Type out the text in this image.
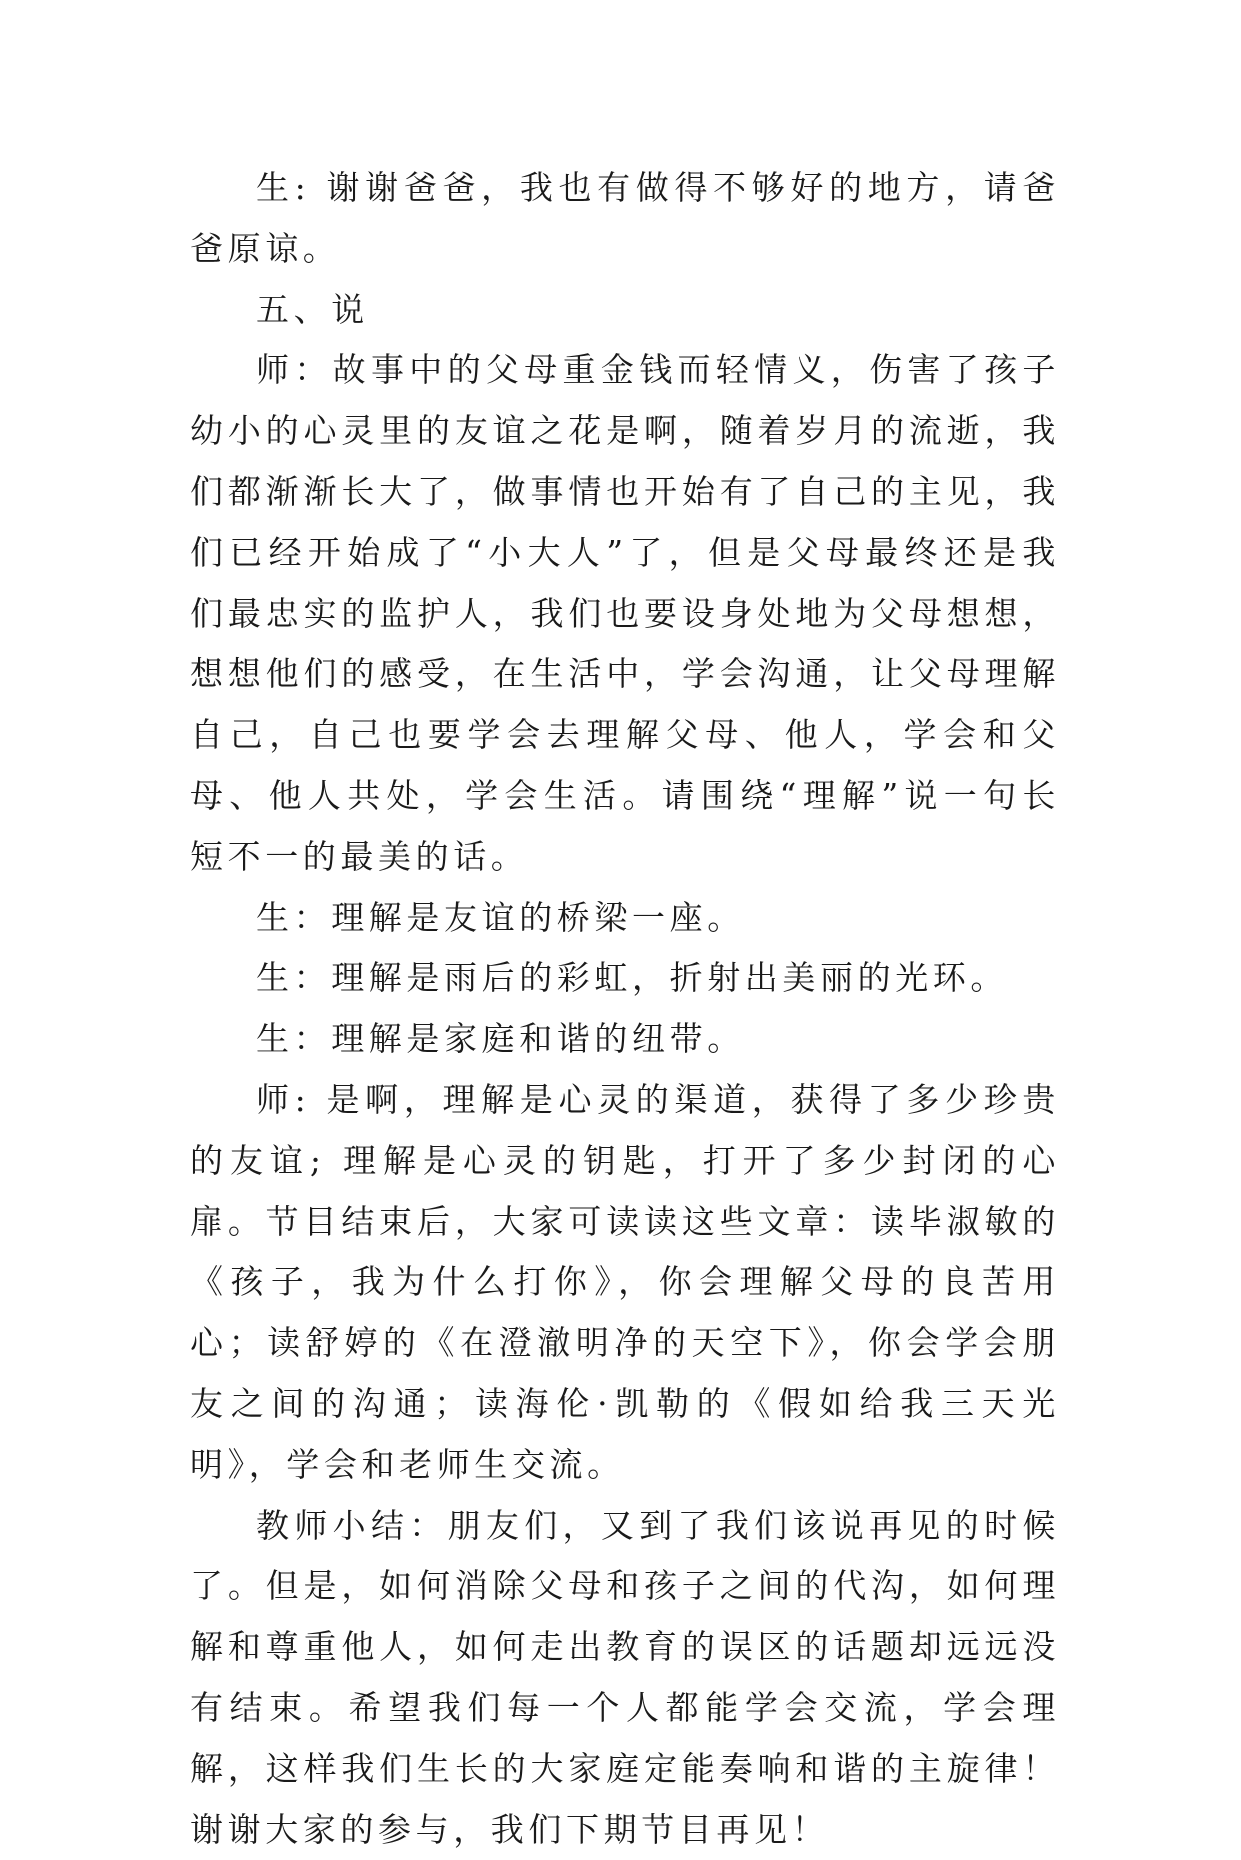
生: 谢谢爸爸，我也有做得不够好的地方，请爸爸原谅。

五、说

师：故事中的父母重金钱而轻情义，伤害了孩子幼小的心灵里的友谊之花是啊，随着岁月的流逝，我们都渐渐长大了，做事情也开始有了自己的主见，我们已经开始成了“小大人”了，但是父母最终还是我们最忠实的监护人，我们也要设身处地为父母想想，想想他们的感受，在生活中，学会沟通，让父母理解自己，自己也要学会去理解父母、他人，学会和父母、他人共处，学会生活。请围绕“理解”说一句长短不一的最美的话。

生：理解是友谊的桥梁一座。

生：理解是雨后的彩虹，折射出美丽的光环。

生：理解是家庭和谐的纽带。

师: 是啊，理解是心灵的渠道，获得了多少珍贵的友谊; 理解是心灵的钥匙，打开了多少封闭的心扉。节目结束后，大家可读读这些文章：读毕淑敏的《孩子，我为什么打你》，你会理解父母的良苦用心；读舒婷的《在澄澈明净的天空下》，你会学会朋友之间的沟通；读海伦·凯勒的《假如给我三天光明》，学会和老师生交流。

教师小结：朋友们，又到了我们该说再见的时候了。但是，如何消除父母和孩子之间的代沟，如何理解和尊重他人，如何走出教育的误区的话题却远远没有结束。希望我们每一个人都能学会交流，学会理解，这样我们生长的大家庭定能奏响和谐的主旋律！谢谢大家的参与，我们下期节目再见！
